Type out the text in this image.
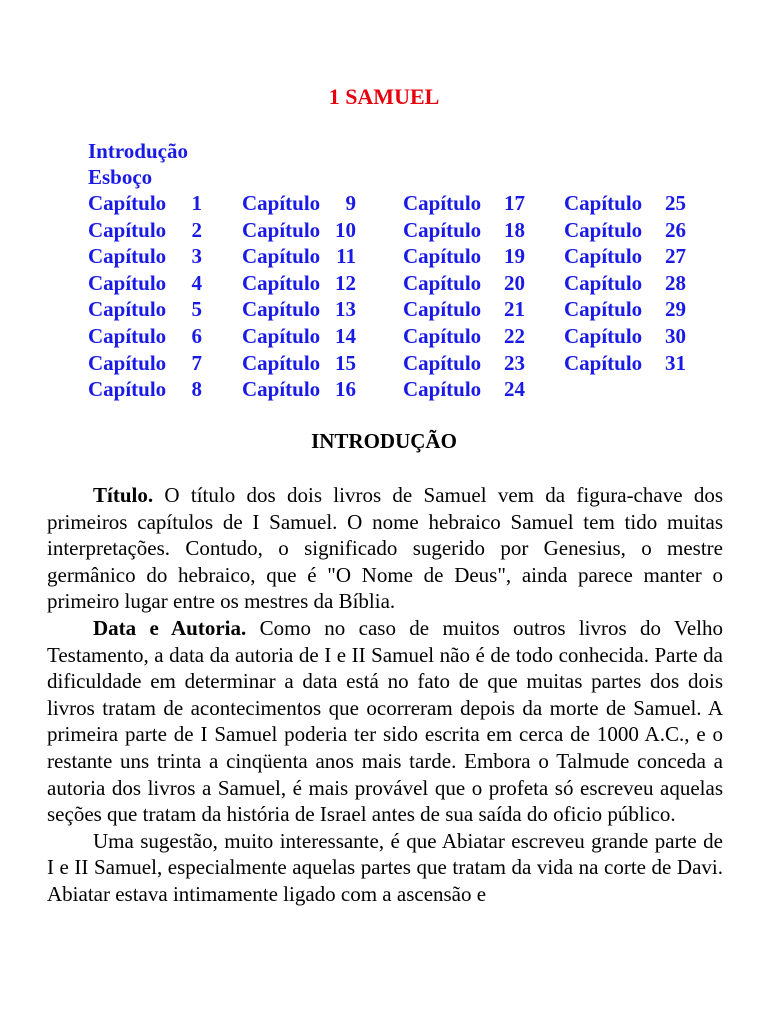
1 SAMUEL
Introdução
Esboço
Capítulo 1
Capítulo 2
Capítulo 3
Capítulo 4
Capítulo 5
Capítulo 6
Capítulo 7
Capítulo 8
Capítulo 9
Capítulo 10
Capítulo 11
Capítulo 12
Capítulo 13
Capítulo 14
Capítulo 15
Capítulo 16
Capítulo 17
Capítulo 18
Capítulo 19
Capítulo 20
Capítulo 21
Capítulo 22
Capítulo 23
Capítulo 24
Capítulo 25
Capítulo 26
Capítulo 27
Capítulo 28
Capítulo 29
Capítulo 30
Capítulo 31
INTRODUÇÃO

Título. O título dos dois livros de Samuel vem da figura-chave dos primeiros capítulos de I Samuel. O nome hebraico Samuel tem tido muitas interpretações. Contudo, o significado sugerido por Genesius, o mestre germânico do hebraico, que é "O Nome de Deus", ainda parece manter o primeiro lugar entre os mestres da Bíblia.

Data e Autoria. Como no caso de muitos outros livros do Velho Testamento, a data da autoria de I e II Samuel não é de todo conhecida. Parte da dificuldade em determinar a data está no fato de que muitas partes dos dois livros tratam de acontecimentos que ocorreram depois da morte de Samuel. A primeira parte de I Samuel poderia ter sido escrita em cerca de 1000 A.C., e o restante uns trinta a cinqüenta anos mais tarde. Embora o Talmude conceda a autoria dos livros a Samuel, é mais provável que o profeta só escreveu aquelas seções que tratam da história de Israel antes de sua saída do oficio público.

Uma sugestão, muito interessante, é que Abiatar escreveu grande parte de I e II Samuel, especialmente aquelas partes que tratam da vida na corte de Davi. Abiatar estava intimamente ligado com a ascensão e
